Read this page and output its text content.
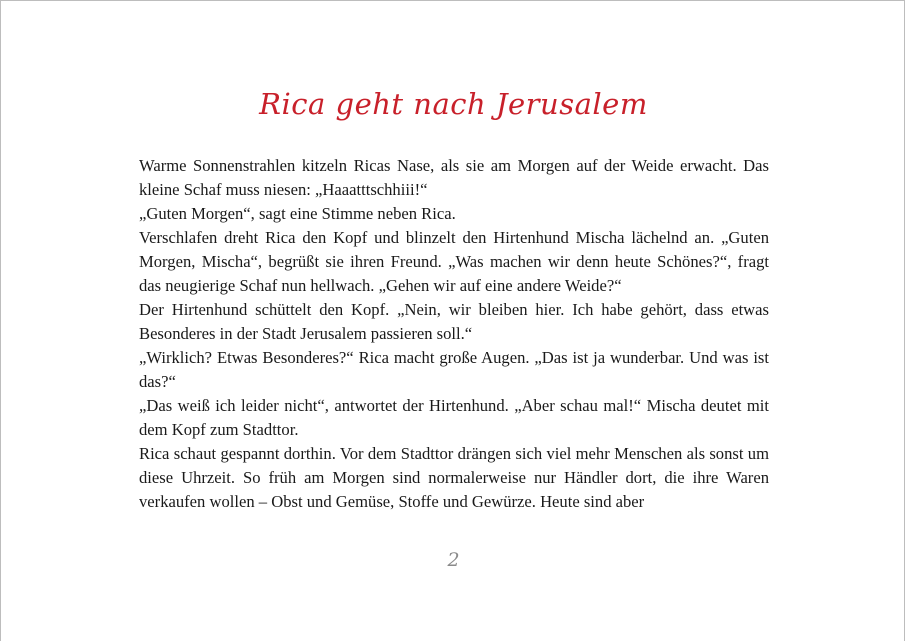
Rica geht nach Jerusalem

Warme Sonnenstrahlen kitzeln Ricas Nase, als sie am Morgen auf der Weide erwacht. Das kleine Schaf muss niesen: „Haaatttschhiii!“

„Guten Morgen“, sagt eine Stimme neben Rica.

Verschlafen dreht Rica den Kopf und blinzelt den Hirtenhund Mischa lächelnd an. „Guten Morgen, Mischa“, begrüßt sie ihren Freund. „Was machen wir denn heute Schönes?“, fragt das neugierige Schaf nun hellwach. „Gehen wir auf eine andere Weide?“

Der Hirtenhund schüttelt den Kopf. „Nein, wir bleiben hier. Ich habe gehört, dass etwas Besonderes in der Stadt Jerusalem passieren soll.“

„Wirklich? Etwas Besonderes?“ Rica macht große Augen. „Das ist ja wunderbar. Und was ist das?“

„Das weiß ich leider nicht“, antwortet der Hirtenhund. „Aber schau mal!“ Mischa deutet mit dem Kopf zum Stadttor.

Rica schaut gespannt dorthin. Vor dem Stadttor drängen sich viel mehr Menschen als sonst um diese Uhrzeit. So früh am Morgen sind normalerweise nur Händler dort, die ihre Waren verkaufen wollen – Obst und Gemüse, Stoffe und Gewürze. Heute sind aber

2
